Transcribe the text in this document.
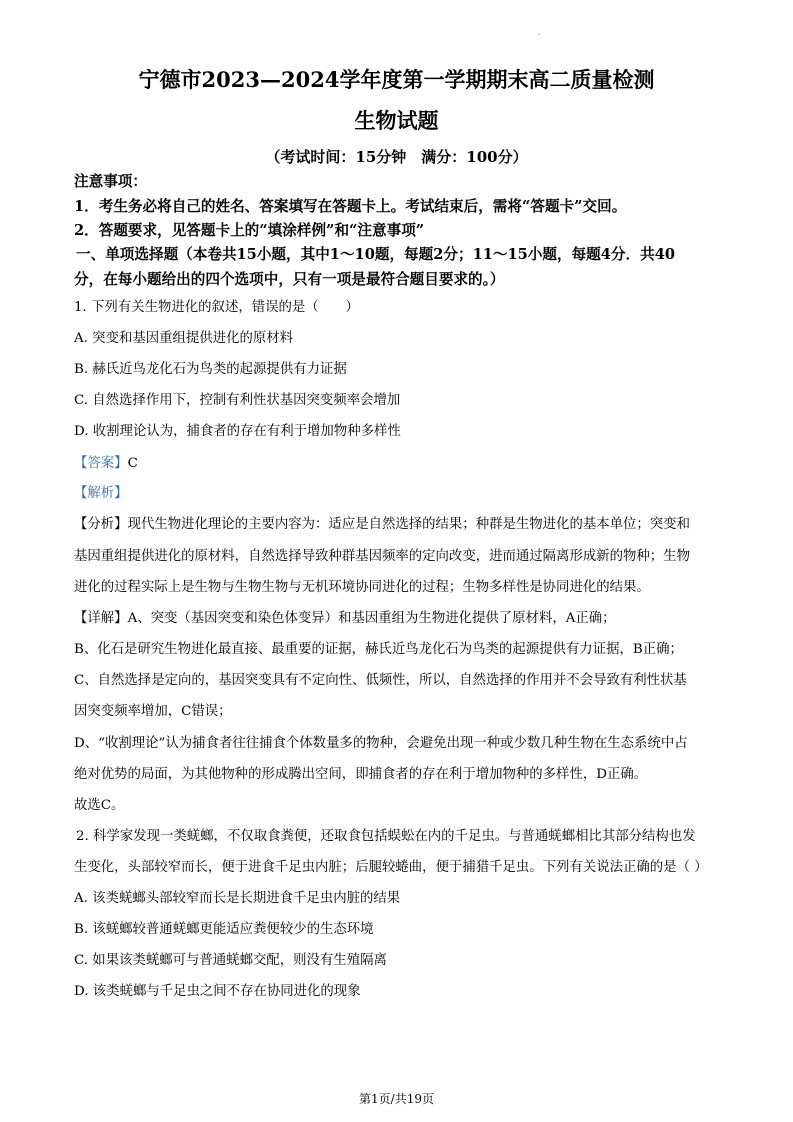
.
宁德市2023—2024学年度第一学期期末高二质量检测
生物试题
（考试时间：15分钟　满分：100分）
注意事项：
1．考生务必将自己的姓名、答案填写在答题卡上。考试结束后，需将“答题卡”交回。
2．答题要求，见答题卡上的“填涂样例”和“注意事项”
一、单项选择题（本卷共15小题，其中1～10题，每题2分；11～15小题，每题4分．共40
分，在每小题给出的四个选项中，只有一项是最符合题目要求的。）
1. 下列有关生物进化的叙述，错误的是（　　）
A. 突变和基因重组提供进化的原材料
B. 赫氏近鸟龙化石为鸟类的起源提供有力证据
C. 自然选择作用下，控制有利性状基因突变频率会增加
D. 收割理论认为，捕食者的存在有利于增加物种多样性
【答案】C
【解析】
【分析】现代生物进化理论的主要内容为：适应是自然选择的结果；种群是生物进化的基本单位；突变和
基因重组提供进化的原材料，自然选择导致种群基因频率的定向改变，进而通过隔离形成新的物种；生物
进化的过程实际上是生物与生物生物与无机环境协同进化的过程；生物多样性是协同进化的结果。
【详解】A、突变（基因突变和染色体变异）和基因重组为生物进化提供了原材料，A正确；
B、化石是研究生物进化最直接、最重要的证据，赫氏近鸟龙化石为鸟类的起源提供有力证据，B正确；
C、自然选择是定向的，基因突变具有不定向性、低频性，所以，自然选择的作用并不会导致有利性状基
因突变频率增加，C错误；
D、“收割理论”认为捕食者往往捕食个体数量多的物种，会避免出现一种或少数几种生物在生态系统中占
绝对优势的局面，为其他物种的形成腾出空间，即捕食者的存在利于增加物种的多样性，D正确。
故选C。
2. 科学家发现一类蜣螂，不仅取食粪便，还取食包括蜈蚣在内的千足虫。与普通蜣螂相比其部分结构也发
生变化，头部较窄而长，便于进食千足虫内脏；后腿较蜷曲，便于捕猎千足虫。下列有关说法正确的是（ ）
A. 该类蜣螂头部较窄而长是长期进食千足虫内脏的结果
B. 该蜣螂较普通蜣螂更能适应粪便较少的生态环境
C. 如果该类蜣螂可与普通蜣螂交配，则没有生殖隔离
D. 该类蜣螂与千足虫之间不存在协同进化的现象
第1页/共19页
